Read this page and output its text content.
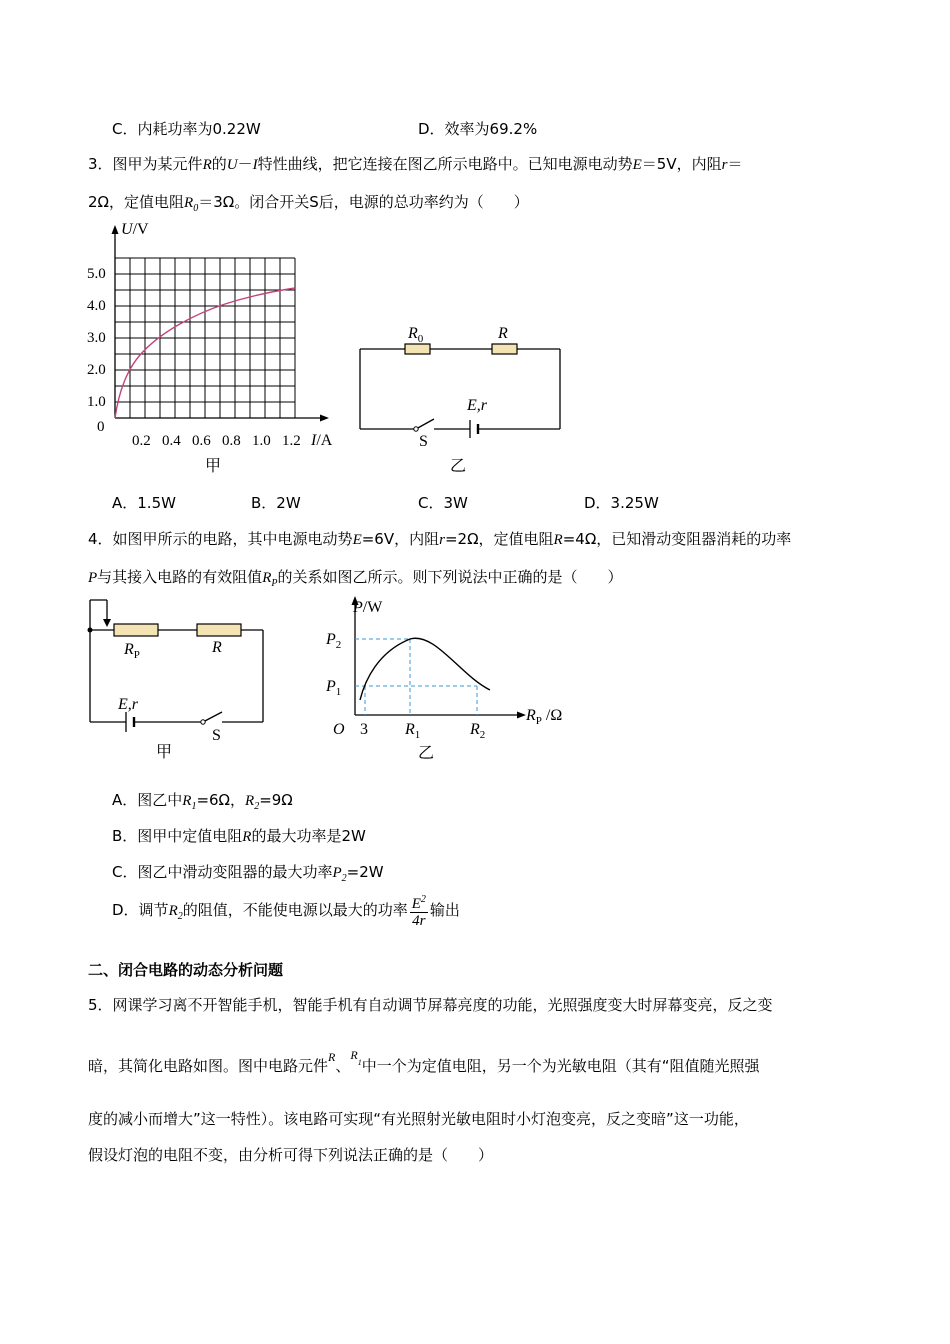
C．内耗功率为0.22W	D．效率为69.2%
3．图甲为某元件R的U－I特性曲线，把它连接在图乙所示电路中。已知电源电动势E＝5V，内阻r＝
2Ω，定值电阻$R_0=3\Omega$。闭合开关S后，电源的总功率约为（　　）
U/V
5.0
4.0
3.0
2.0
1.0
0
0.2 0.4 0.6 0.8 1.0 1.2 I/A
甲
$R_0$	R
E,r
S
乙
A．1.5W	B．2W	C．3W	D．3.25W
4．如图甲所示的电路，其中电源电动势E=6V，内阻r=2Ω，定值电阻R=4Ω，已知滑动变阻器消耗的功率
P与其接入电路的有效阻值$R_P$的关系如图乙所示。则下列说法中正确的是（　　）
$R_P$	R
E,r
S
甲
P/W
$P_2$
$P_1$
O 3 $R_1$	$R_2$
$R_P$ /Ω
乙
A．图乙中$R_1=6\Omega$，$R_2=9\Omega$
B．图甲中定值电阻R的最大功率是2W
C．图乙中滑动变阻器的最大功率$P_2=2W$
D．调节$R_2$的阻值，不能使电源以最大的功率 $\frac{E^2}{4r}$ 输出
二、闭合电路的动态分析问题
5．网课学习离不开智能手机，智能手机有自动调节屏幕亮度的功能，光照强度变大时屏幕变亮，反之变
暗，其简化电路如图。图中电路元件$^R$、$^R_1$中一个为定值电阻，另一个为光敏电阻（其有“阻值随光照强
度的减小而增大”这一特性）。该电路可实现“有光照射光敏电阻时小灯泡变亮，反之变暗”这一功能，
假设灯泡的电阻不变，由分析可得下列说法正确的是（　　）
